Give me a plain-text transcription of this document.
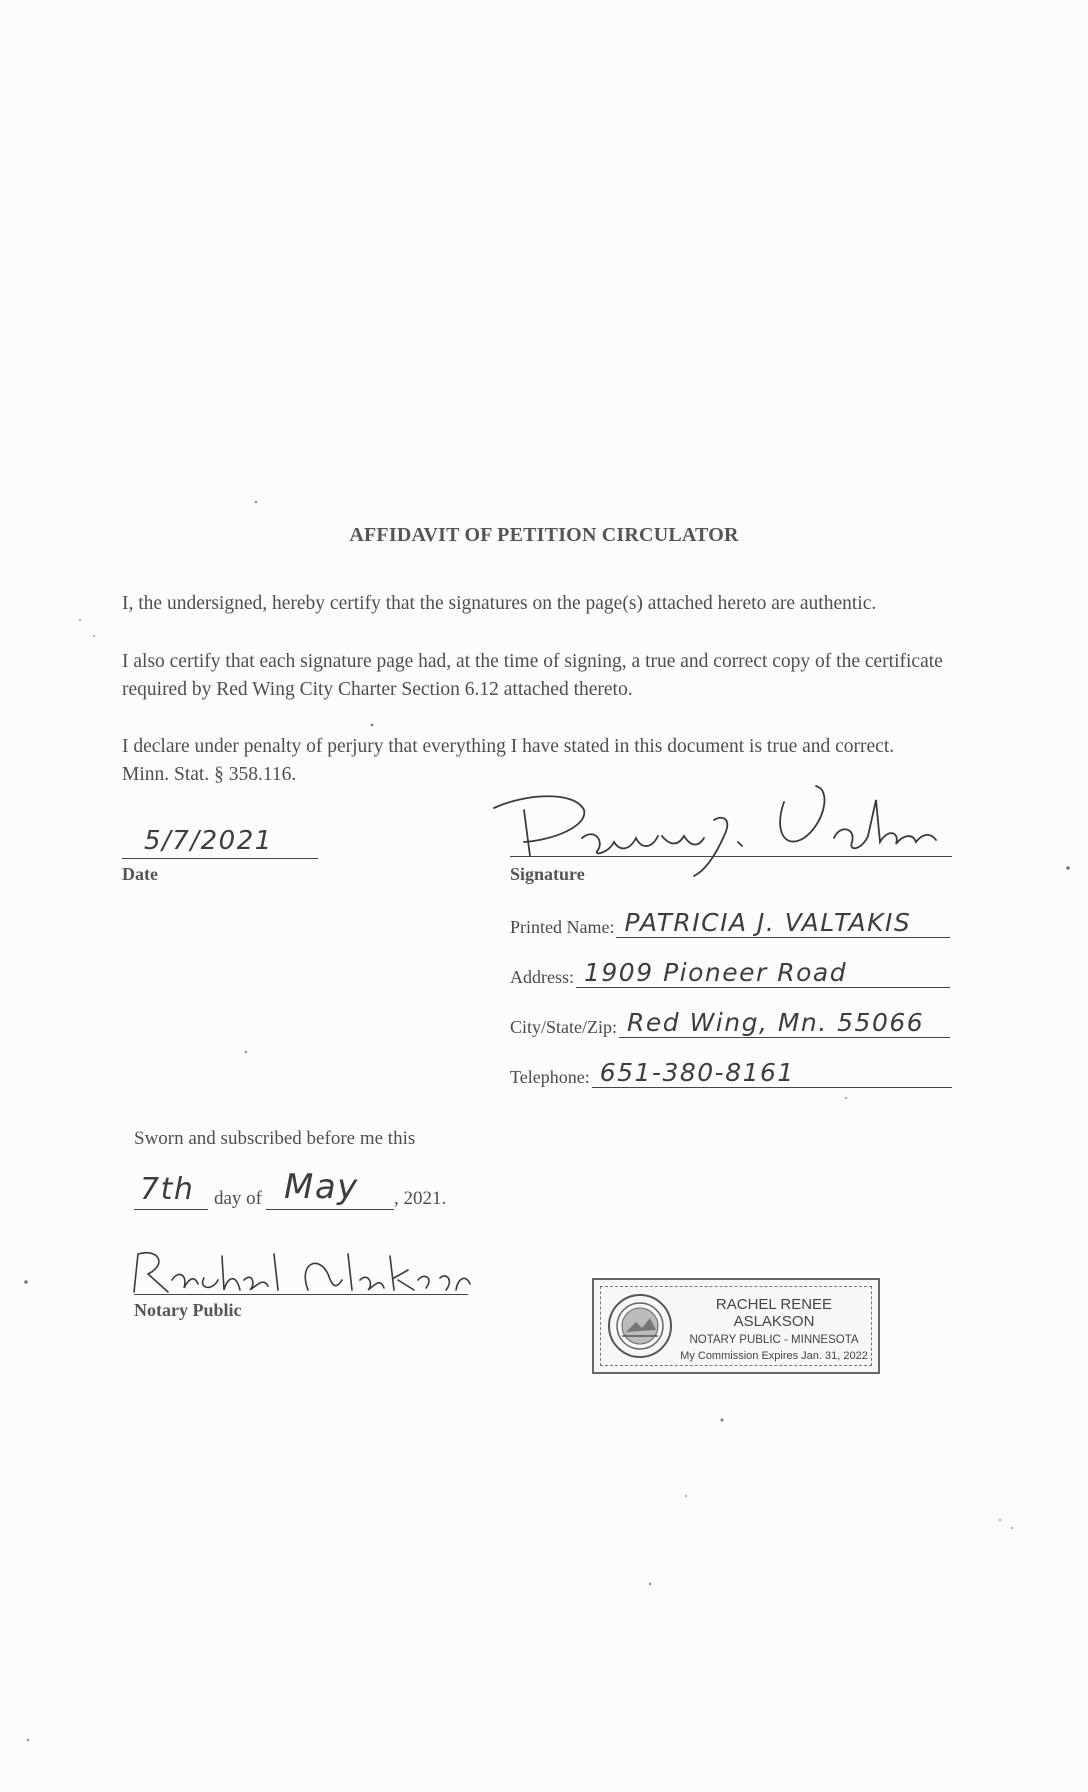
AFFIDAVIT OF PETITION CIRCULATOR
I, the undersigned, hereby certify that the signatures on the page(s) attached hereto are authentic.
I also certify that each signature page had, at the time of signing, a true and correct copy of the certificate required by Red Wing City Charter Section 6.12 attached thereto.
I declare under penalty of perjury that everything I have stated in this document is true and correct.
Minn. Stat. § 358.116.
5/7/2021
Date	Signature
Printed Name: PATRICIA J. VALTAKIS
Address: 1909 Pioneer Road
City/State/Zip: Red Wing, Mn. 55066
Telephone: 651-380-8161
Sworn and subscribed before me this
7th day of May , 2021.
Notary Public	RACHEL RENEE ASLAKSON
NOTARY PUBLIC - MINNESOTA
My Commission Expires Jan. 31, 2022
